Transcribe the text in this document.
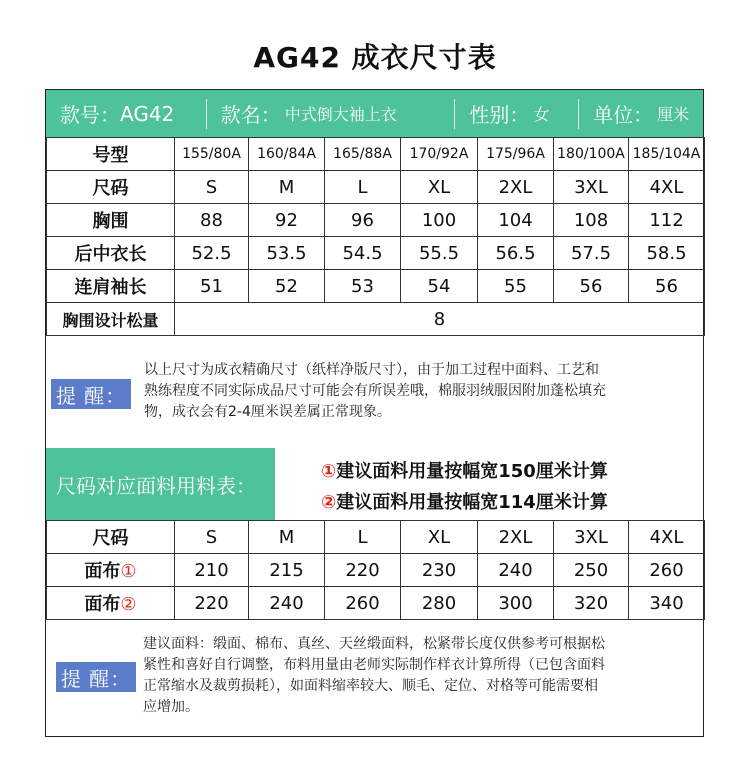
AG42 成衣尺寸表
款号： AG42 款名： 中式倒大袖上衣	性别： 女 单位： 厘米
号型	155/80A	160/84A	165/88A	170/92A	175/96A	180/100A	185/104A
尺码	S	M	L	XL	2XL	3XL	4XL
胸围	88	92	96	100	104	108	112
后中衣长	52.5	53.5	54.5	55.5	56.5	57.5	58.5
连肩袖长	51	52	53	54	55	56	56
胸围设计松量	8						
提 醒：
以上尺寸为成衣精确尺寸（纸样净版尺寸），由于加工过程中面料、工艺和
熟练程度不同实际成品尺寸可能会有所误差哦，棉服羽绒服因附加蓬松填充
物，成衣会有2-4厘米误差属正常现象。
尺码对应面料用料表：
①建议面料用量按幅宽150厘米计算
②建议面料用量按幅宽114厘米计算
尺码	S	M	L	XL	2XL	3XL	4XL
面布①	210	215	220	230	240	250	260
面布②	220	240	260	280	300	320	340
提 醒：
建议面料：缎面、棉布、真丝、天丝缎面料，松紧带长度仅供参考可根据松
紧性和喜好自行调整，布料用量由老师实际制作样衣计算所得（已包含面料
正常缩水及裁剪损耗），如面料缩率较大、顺毛、定位、对格等可能需要相
应增加。
